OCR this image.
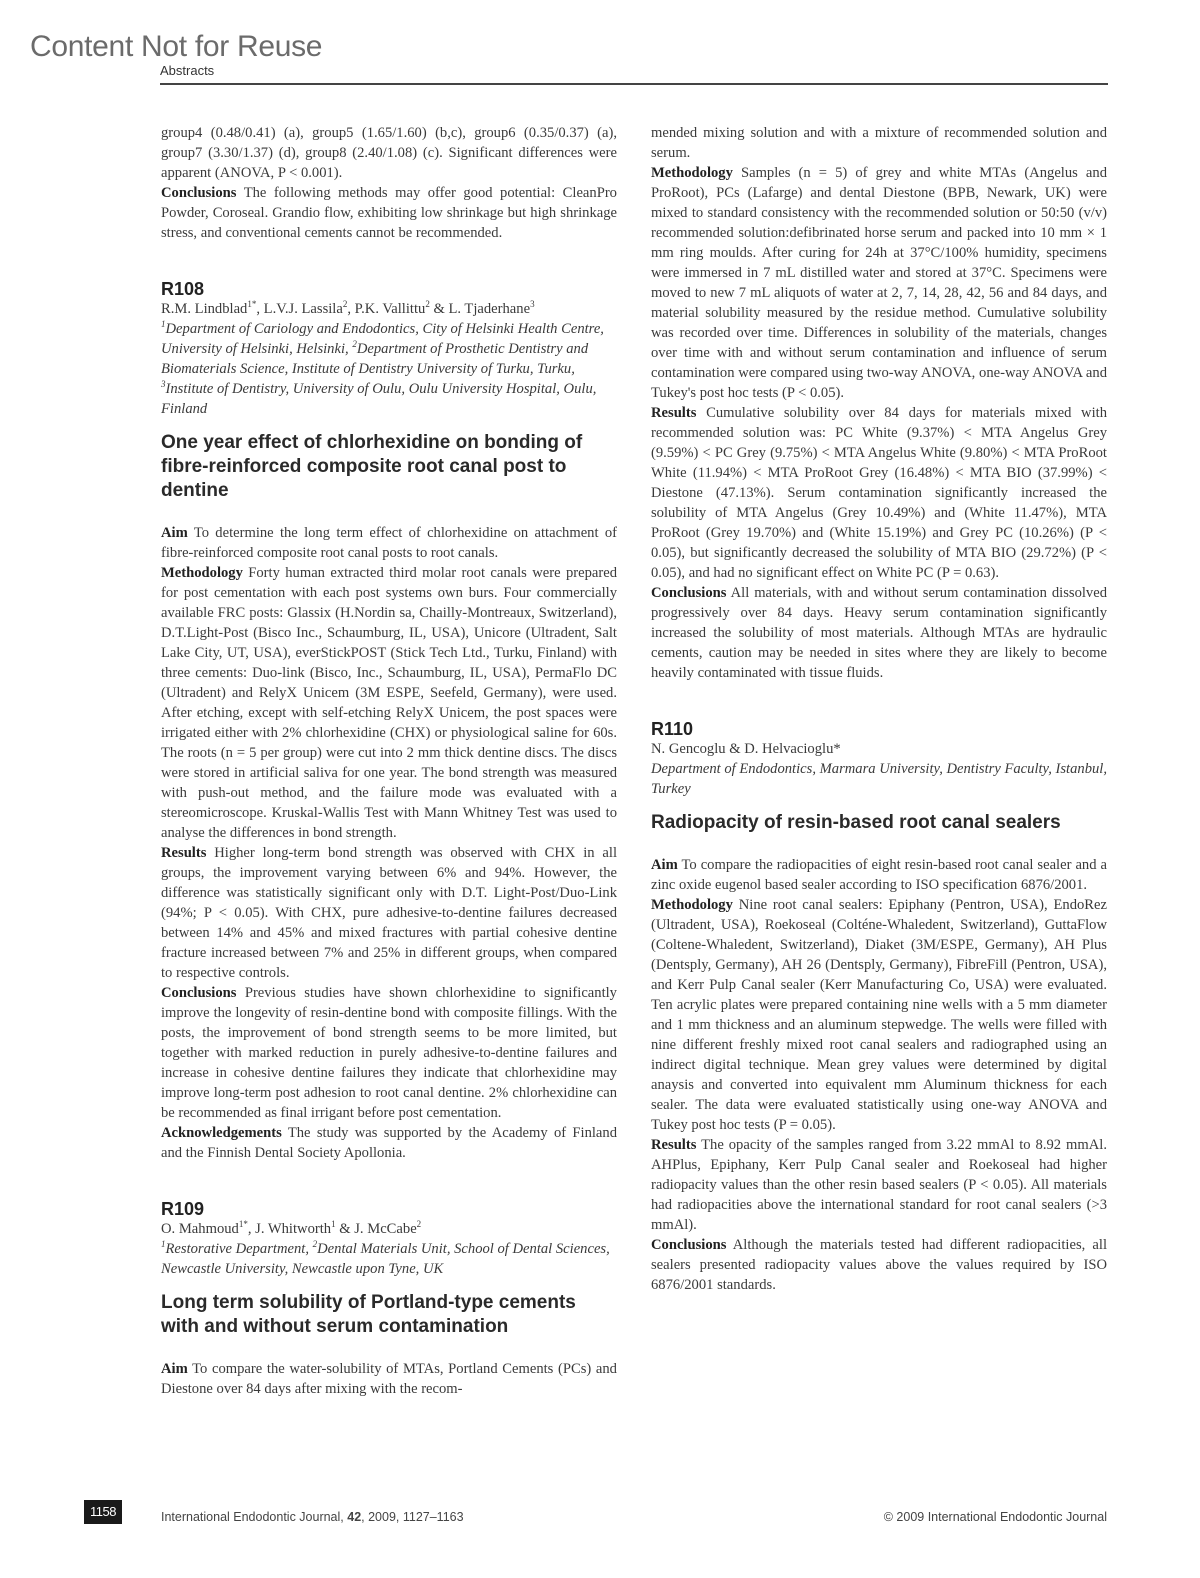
Content Not for Reuse
Abstracts

group4 (0.48/0.41) (a), group5 (1.65/1.60) (b,c), group6 (0.35/0.37) (a), group7 (3.30/1.37) (d), group8 (2.40/1.08) (c). Significant differences were apparent (ANOVA, P < 0.001).

Conclusions The following methods may offer good potential: CleanPro Powder, Coroseal. Grandio flow, exhibiting low shrinkage but high shrinkage stress, and conventional cements cannot be recommended.

R108

R.M. Lindblad$^{1*}$, L.V.J. Lassila$^2$, P.K. Vallittu$^2$ & L. Tjaderhane$^3$

$^1$Department of Cariology and Endodontics, City of Helsinki Health Centre, University of Helsinki, Helsinki, $^2$Department of Prosthetic Dentistry and Biomaterials Science, Institute of Dentistry University of Turku, Turku, $^3$Institute of Dentistry, University of Oulu, Oulu University Hospital, Oulu, Finland

One year effect of chlorhexidine on bonding of fibre-reinforced composite root canal post to dentine

Aim To determine the long term effect of chlorhexidine on attachment of fibre-reinforced composite root canal posts to root canals.

Methodology Forty human extracted third molar root canals were prepared for post cementation with each post systems own burs. Four commercially available FRC posts: Glassix (H.Nordin sa, Chailly-Montreaux, Switzerland), D.T.Light-Post (Bisco Inc., Schaumburg, IL, USA), Unicore (Ultradent, Salt Lake City, UT, USA), everStickPOST (Stick Tech Ltd., Turku, Finland) with three cements: Duo-link (Bisco, Inc., Schaumburg, IL, USA), PermaFlo DC (Ultradent) and RelyX Unicem (3M ESPE, Seefeld, Germany), were used. After etching, except with self-etching RelyX Unicem, the post spaces were irrigated either with 2% chlorhexidine (CHX) or physiological saline for 60s. The roots (n = 5 per group) were cut into 2 mm thick dentine discs. The discs were stored in artificial saliva for one year. The bond strength was measured with push-out method, and the failure mode was evaluated with a stereomicroscope. Kruskal-Wallis Test with Mann Whitney Test was used to analyse the differences in bond strength.

Results Higher long-term bond strength was observed with CHX in all groups, the improvement varying between 6% and 94%. However, the difference was statistically significant only with D.T. Light-Post/Duo-Link (94%; P < 0.05). With CHX, pure adhesive-to-dentine failures decreased between 14% and 45% and mixed fractures with partial cohesive dentine fracture increased between 7% and 25% in different groups, when compared to respective controls.

Conclusions Previous studies have shown chlorhexidine to significantly improve the longevity of resin-dentine bond with composite fillings. With the posts, the improvement of bond strength seems to be more limited, but together with marked reduction in purely adhesive-to-dentine failures and increase in cohesive dentine failures they indicate that chlorhexidine may improve long-term post adhesion to root canal dentine. 2% chlorhexidine can be recommended as final irrigant before post cementation.

Acknowledgements The study was supported by the Academy of Finland and the Finnish Dental Society Apollonia.

R109

O. Mahmoud$^{1*}$, J. Whitworth$^1$ & J. McCabe$^2$

$^1$Restorative Department, $^2$Dental Materials Unit, School of Dental Sciences, Newcastle University, Newcastle upon Tyne, UK

Long term solubility of Portland-type cements with and without serum contamination

Aim To compare the water-solubility of MTAs, Portland Cements (PCs) and Diestone over 84 days after mixing with the recom-

mended mixing solution and with a mixture of recommended solution and serum.

Methodology Samples (n = 5) of grey and white MTAs (Angelus and ProRoot), PCs (Lafarge) and dental Diestone (BPB, Newark, UK) were mixed to standard consistency with the recommended solution or 50:50 (v/v) recommended solution:defibrinated horse serum and packed into 10 mm × 1 mm ring moulds. After curing for 24h at 37°C/100% humidity, specimens were immersed in 7 mL distilled water and stored at 37°C. Specimens were moved to new 7 mL aliquots of water at 2, 7, 14, 28, 42, 56 and 84 days, and material solubility measured by the residue method. Cumulative solubility was recorded over time. Differences in solubility of the materials, changes over time with and without serum contamination and influence of serum contamination were compared using two-way ANOVA, one-way ANOVA and Tukey's post hoc tests (P < 0.05).

Results Cumulative solubility over 84 days for materials mixed with recommended solution was: PC White (9.37%) < MTA Angelus Grey (9.59%) < PC Grey (9.75%) < MTA Angelus White (9.80%) < MTA ProRoot White (11.94%) < MTA ProRoot Grey (16.48%) < MTA BIO (37.99%) < Diestone (47.13%). Serum contamination significantly increased the solubility of MTA Angelus (Grey 10.49%) and (White 11.47%), MTA ProRoot (Grey 19.70%) and (White 15.19%) and Grey PC (10.26%) (P < 0.05), but significantly decreased the solubility of MTA BIO (29.72%) (P < 0.05), and had no significant effect on White PC (P = 0.63).

Conclusions All materials, with and without serum contamination dissolved progressively over 84 days. Heavy serum contamination significantly increased the solubility of most materials. Although MTAs are hydraulic cements, caution may be needed in sites where they are likely to become heavily contaminated with tissue fluids.

R110

N. Gencoglu & D. Helvacioglu*

Department of Endodontics, Marmara University, Dentistry Faculty, Istanbul, Turkey

Radiopacity of resin-based root canal sealers

Aim To compare the radiopacities of eight resin-based root canal sealer and a zinc oxide eugenol based sealer according to ISO specification 6876/2001.

Methodology Nine root canal sealers: Epiphany (Pentron, USA), EndoRez (Ultradent, USA), Roekoseal (Colténe-Whaledent, Switzerland), GuttaFlow (Coltene-Whaledent, Switzerland), Diaket (3M/ESPE, Germany), AH Plus (Dentsply, Germany), AH 26 (Dentsply, Germany), FibreFill (Pentron, USA), and Kerr Pulp Canal sealer (Kerr Manufacturing Co, USA) were evaluated. Ten acrylic plates were prepared containing nine wells with a 5 mm diameter and 1 mm thickness and an aluminum stepwedge. The wells were filled with nine different freshly mixed root canal sealers and radiographed using an indirect digital technique. Mean grey values were determined by digital anaysis and converted into equivalent mm Aluminum thickness for each sealer. The data were evaluated statistically using one-way ANOVA and Tukey post hoc tests (P = 0.05).

Results The opacity of the samples ranged from 3.22 mmAl to 8.92 mmAl. AHPlus, Epiphany, Kerr Pulp Canal sealer and Roekoseal had higher radiopacity values than the other resin based sealers (P < 0.05). All materials had radiopacities above the international standard for root canal sealers (>3 mmAl).

Conclusions Although the materials tested had different radiopacities, all sealers presented radiopacity values above the values required by ISO 6876/2001 standards.

1158	International Endodontic Journal, 42, 2009, 1127–1163	© 2009 International Endodontic Journal
